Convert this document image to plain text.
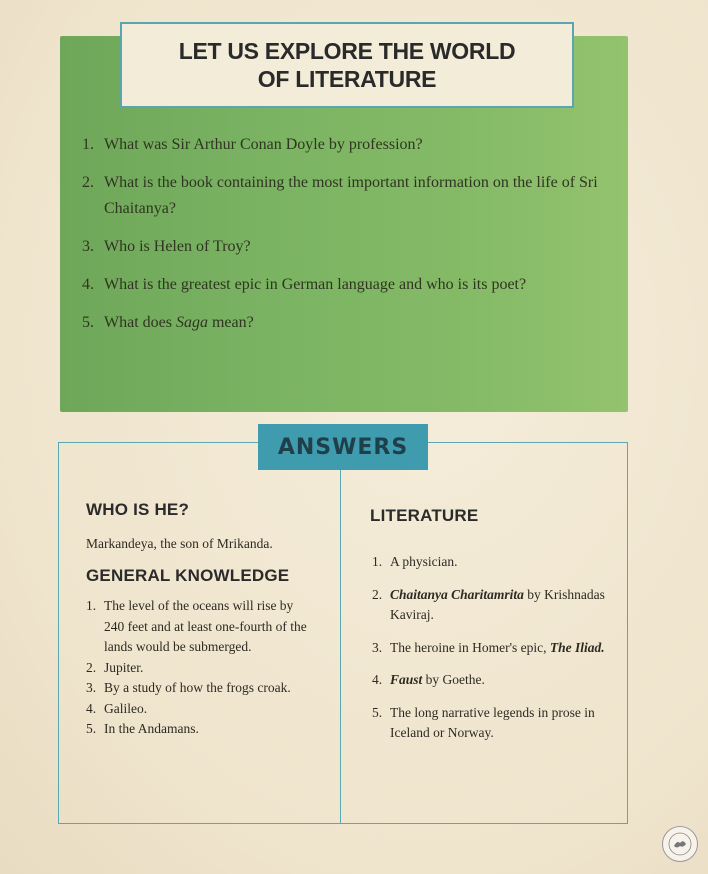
LET US EXPLORE THE WORLD
OF LITERATURE
1. What was Sir Arthur Conan Doyle by profession?
2. What is the book containing the most important information on the life of Sri Chaitanya?
3. Who is Helen of Troy?
4. What is the greatest epic in German language and who is its poet?
5. What does Saga mean?
ANSWERS
WHO IS HE?
Markandeya, the son of Mrikanda.
GENERAL KNOWLEDGE
1. The level of the oceans will rise by 240 feet and at least one-fourth of the lands would be submerged.
2. Jupiter.
3. By a study of how the frogs croak.
4. Galileo.
5. In the Andamans.
LITERATURE
1. A physician.
2. Chaitanya Charitamrita by Krishnadas Kaviraj.
3. The heroine in Homer's epic, The Iliad.
4. Faust by Goethe.
5. The long narrative legends in prose in Iceland or Norway.
